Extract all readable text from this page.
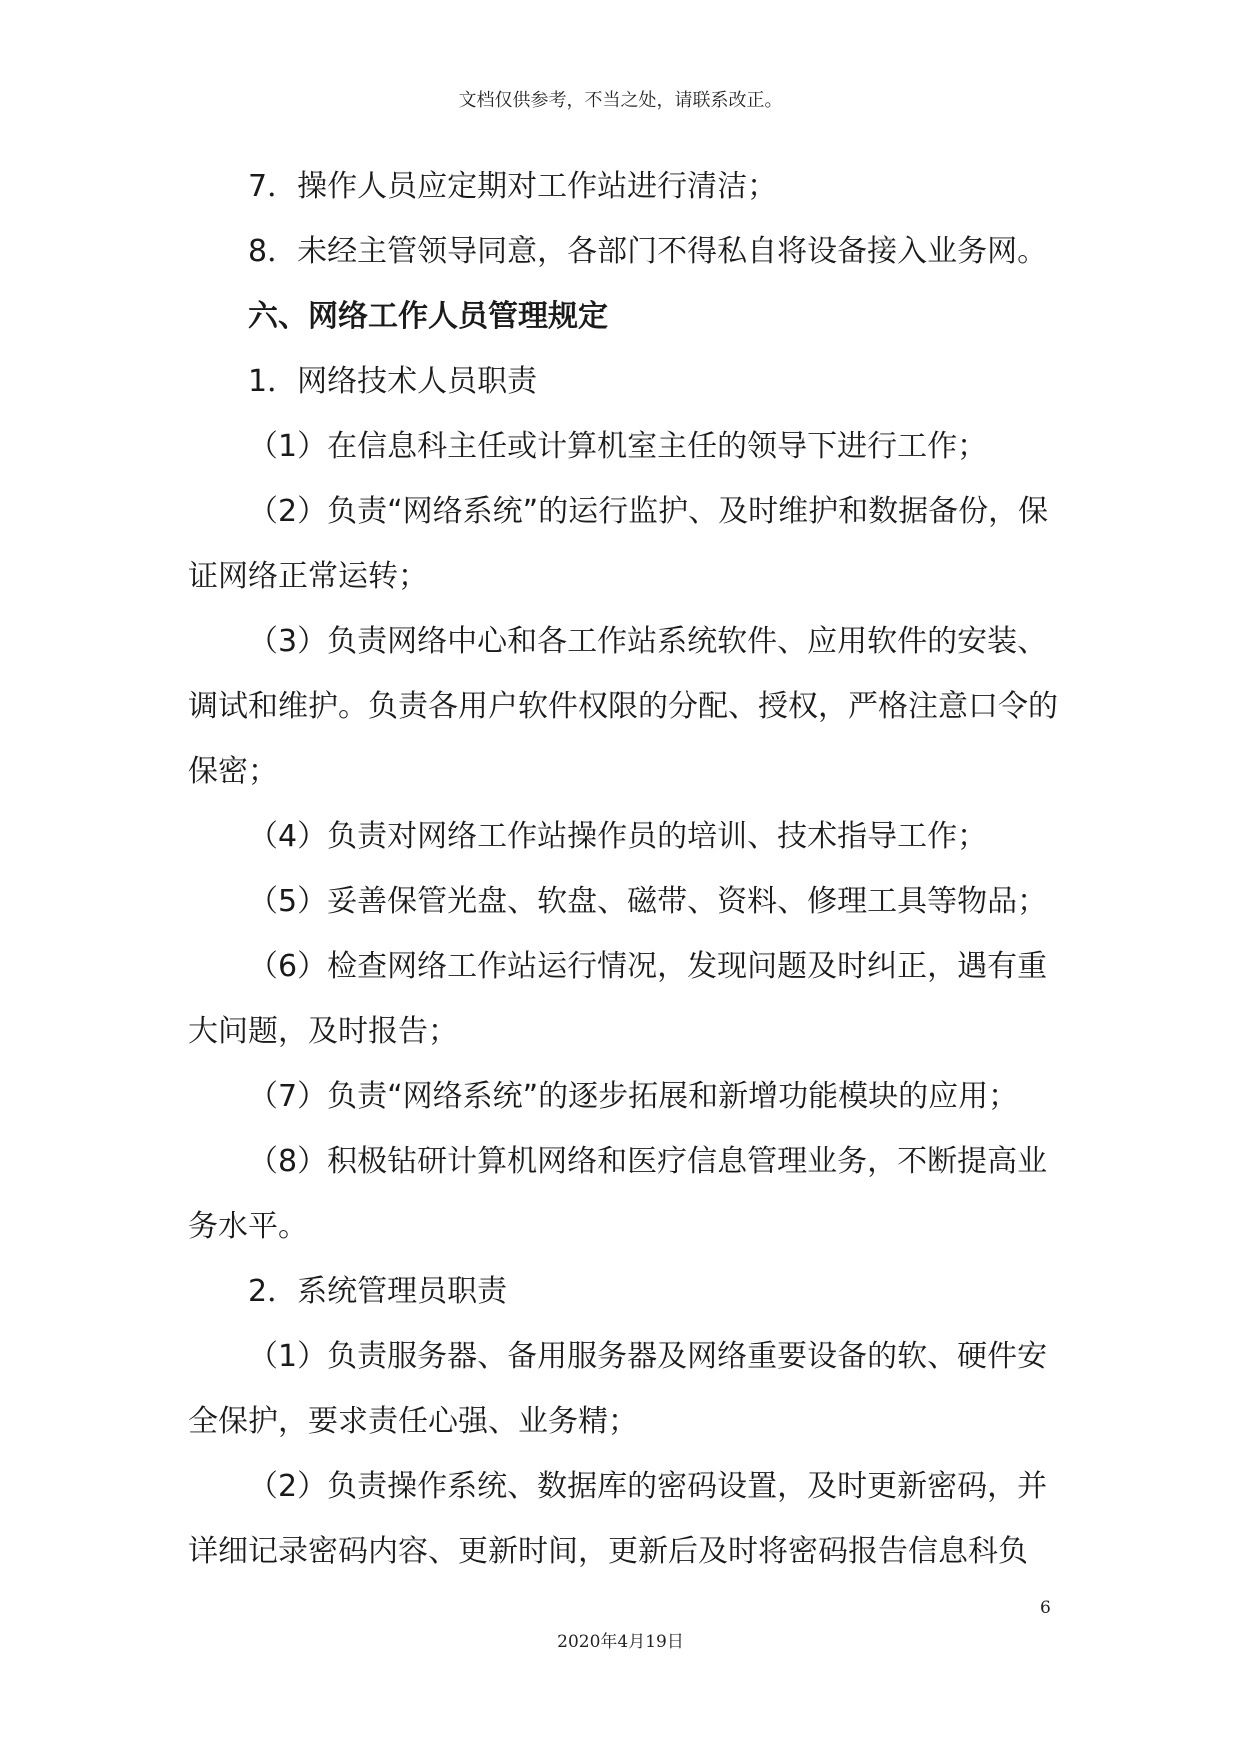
文档仅供参考，不当之处，请联系改正。

7．操作人员应定期对工作站进行清洁；

8．未经主管领导同意，各部门不得私自将设备接入业务网。

六、网络工作人员管理规定

1．网络技术人员职责

（1）在信息科主任或计算机室主任的领导下进行工作；

（2）负责“网络系统”的运行监护、及时维护和数据备份，保证网络正常运转；

（3）负责网络中心和各工作站系统软件、应用软件的安装、调试和维护。负责各用户软件权限的分配、授权，严格注意口令的保密；

（4）负责对网络工作站操作员的培训、技术指导工作；

（5）妥善保管光盘、软盘、磁带、资料、修理工具等物品；

（6）检查网络工作站运行情况，发现问题及时纠正，遇有重大问题，及时报告；

（7）负责“网络系统”的逐步拓展和新增功能模块的应用；

（8）积极钻研计算机网络和医疗信息管理业务，不断提高业务水平。

2．系统管理员职责

（1）负责服务器、备用服务器及网络重要设备的软、硬件安全保护，要求责任心强、业务精；

（2）负责操作系统、数据库的密码设置，及时更新密码，并详细记录密码内容、更新时间，更新后及时将密码报告信息科负

6
2020年4月19日
